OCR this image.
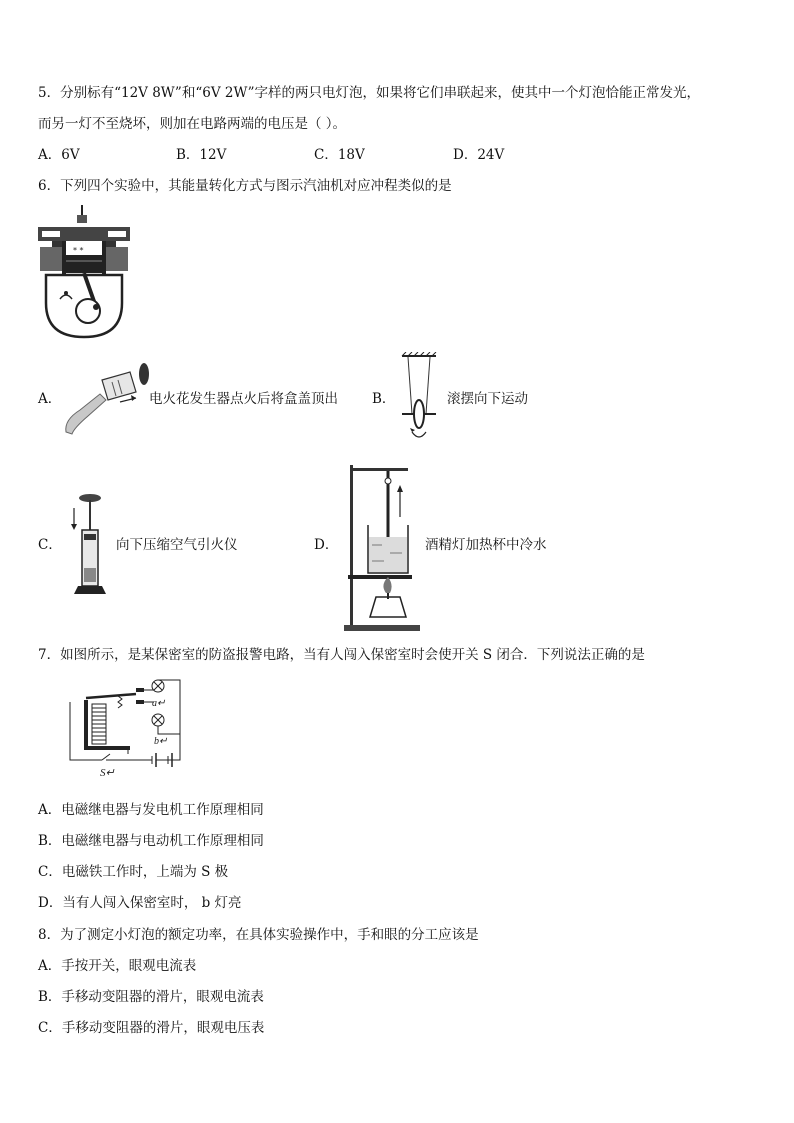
5．分别标有“12V 8W”和“6V 2W”字样的两只电灯泡，如果将它们串联起来，使其中一个灯泡恰能正常发光，
而另一灯不至烧坏，则加在电路两端的电压是（ ）。
A．6V	B．12V	C．18V	D．24V
6．下列四个实验中，其能量转化方式与图示汽油机对应冲程类似的是
* *
A．	电火花发生器点火后将盒盖顶出	B．	滚摆向下运动
C．	向下压缩空气引火仪	D．	酒精灯加热杯中冷水
7．如图所示，是某保密室的防盗报警电路，当有人闯入保密室时会使开关 S 闭合．下列说法正确的是
S↵
a↵
b↵
A．电磁继电器与发电机工作原理相同
B．电磁继电器与电动机工作原理相同
C．电磁铁工作时，上端为 S 极
D．当有人闯入保密室时， b 灯亮
8．为了测定小灯泡的额定功率，在具体实验操作中，手和眼的分工应该是
A．手按开关，眼观电流表
B．手移动变阻器的滑片，眼观电流表
C．手移动变阻器的滑片，眼观电压表
